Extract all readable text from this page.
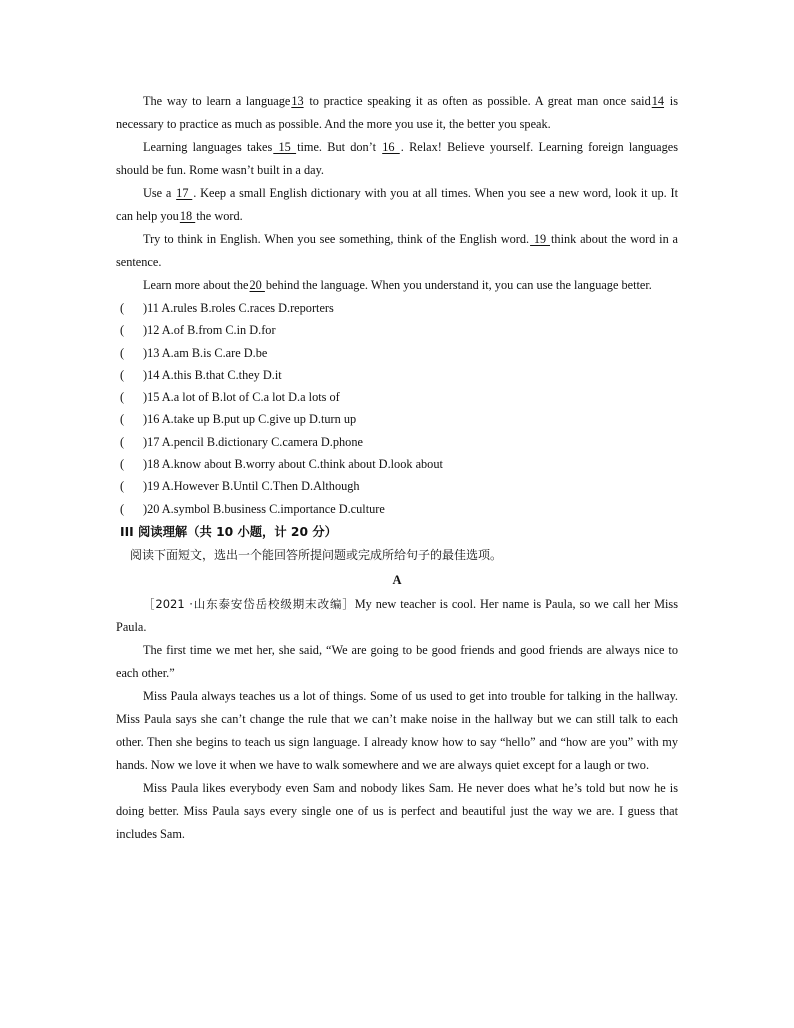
The way to learn a language13 to practice speaking it as often as possible. A great man once said14 is necessary to practice as much as possible. And the more you use it, the better you speak.

Learning languages takes 15 time. But don’t 16 . Relax! Believe yourself. Learning foreign languages should be fun. Rome wasn’t built in a day.

Use a 17 . Keep a small English dictionary with you at all times. When you see a new word, look it up. It can help you18 the word.

Try to think in English. When you see something, think of the English word. 19 think about the word in a sentence.

Learn more about the20 behind the language. When you understand it, you can use the language better.

( )11 A.rules B.roles C.races D.reporters
( )12 A.of B.from C.in D.for
( )13 A.am B.is C.are D.be
( )14 A.this B.that C.they D.it
( )15 A.a lot of B.lot of C.a lot D.a lots of
( )16 A.take up B.put up C.give up D.turn up
( )17 A.pencil B.dictionary C.camera D.phone
( )18 A.know about B.worry about C.think about D.look about
( )19 A.However B.Until C.Then D.Although
( )20 A.symbol B.business C.importance D.culture
III 阅读理解（共 10 小题，计 20 分）
阅读下面短文，选出一个能回答所提问题或完成所给句子的最佳选项。
A

［2021 ·山东泰安岱岳校级期末改编］My new teacher is cool. Her name is Paula, so we call her Miss Paula.

The first time we met her, she said, “We are going to be good friends and good friends are always nice to each other.”

Miss Paula always teaches us a lot of things. Some of us used to get into trouble for talking in the hallway. Miss Paula says she can’t change the rule that we can’t make noise in the hallway but we can still talk to each other. Then she begins to teach us sign language. I already know how to say “hello” and “how are you” with my hands. Now we love it when we have to walk somewhere and we are always quiet except for a laugh or two.

Miss Paula likes everybody even Sam and nobody likes Sam. He never does what he’s told but now he is doing better. Miss Paula says every single one of us is perfect and beautiful just the way we are. I guess that includes Sam.
